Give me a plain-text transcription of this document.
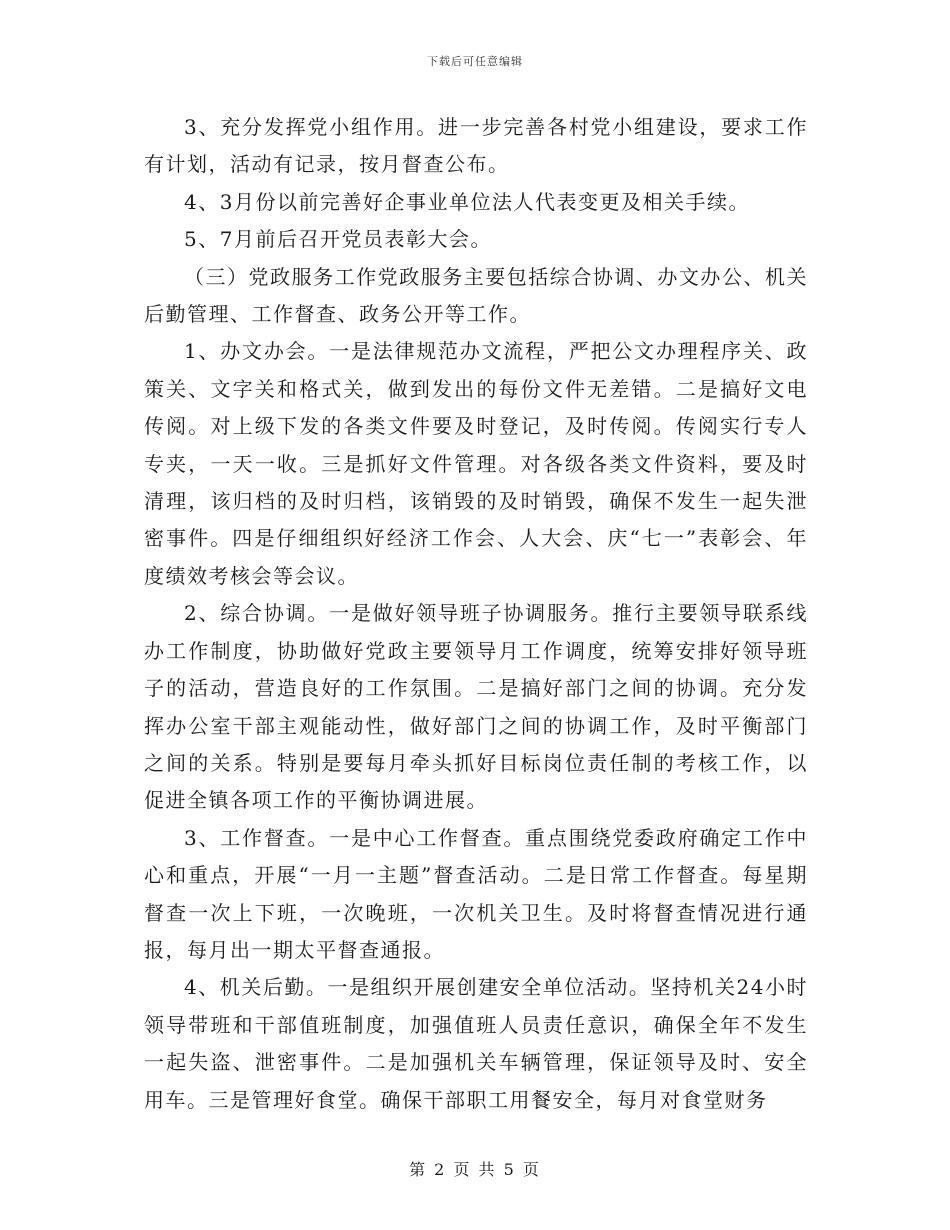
下载后可任意编辑

3、充分发挥党小组作用。进一步完善各村党小组建设，要求工作有计划，活动有记录，按月督查公布。

4、3月份以前完善好企事业单位法人代表变更及相关手续。

5、7月前后召开党员表彰大会。

（三）党政服务工作党政服务主要包括综合协调、办文办公、机关后勤管理、工作督查、政务公开等工作。

1、办文办会。一是法律规范办文流程，严把公文办理程序关、政策关、文字关和格式关，做到发出的每份文件无差错。二是搞好文电传阅。对上级下发的各类文件要及时登记，及时传阅。传阅实行专人专夹，一天一收。三是抓好文件管理。对各级各类文件资料，要及时清理，该归档的及时归档，该销毁的及时销毁，确保不发生一起失泄密事件。四是仔细组织好经济工作会、人大会、庆“七一”表彰会、年度绩效考核会等会议。

2、综合协调。一是做好领导班子协调服务。推行主要领导联系线办工作制度，协助做好党政主要领导月工作调度，统筹安排好领导班子的活动，营造良好的工作氛围。二是搞好部门之间的协调。充分发挥办公室干部主观能动性，做好部门之间的协调工作，及时平衡部门之间的关系。特别是要每月牵头抓好目标岗位责任制的考核工作，以促进全镇各项工作的平衡协调进展。

3、工作督查。一是中心工作督查。重点围绕党委政府确定工作中心和重点，开展“一月一主题”督查活动。二是日常工作督查。每星期督查一次上下班，一次晚班，一次机关卫生。及时将督查情况进行通报，每月出一期太平督查通报。

4、机关后勤。一是组织开展创建安全单位活动。坚持机关24小时领导带班和干部值班制度，加强值班人员责任意识，确保全年不发生一起失盗、泄密事件。二是加强机关车辆管理，保证领导及时、安全用车。三是管理好食堂。确保干部职工用餐安全，每月对食堂财务

第 2 页 共 5 页
